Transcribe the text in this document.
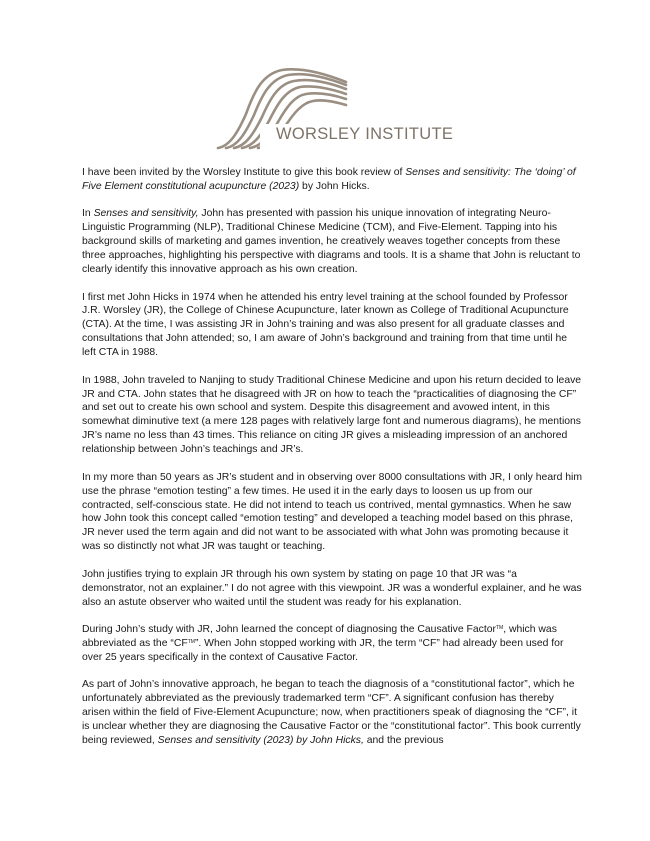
WORSLEY INSTITUTE

I have been invited by the Worsley Institute to give this book review of Senses and sensitivity: The ‘doing’ of Five Element constitutional acupuncture (2023) by John Hicks.

In Senses and sensitivity, John has presented with passion his unique innovation of integrating Neuro-Linguistic Programming (NLP), Traditional Chinese Medicine (TCM), and Five-Element. Tapping into his background skills of marketing and games invention, he creatively weaves together concepts from these three approaches, highlighting his perspective with diagrams and tools. It is a shame that John is reluctant to clearly identify this innovative approach as his own creation.

I first met John Hicks in 1974 when he attended his entry level training at the school founded by Professor J.R. Worsley (JR), the College of Chinese Acupuncture, later known as College of Traditional Acupuncture (CTA). At the time, I was assisting JR in John’s training and was also present for all graduate classes and consultations that John attended; so, I am aware of John’s background and training from that time until he left CTA in 1988.

In 1988, John traveled to Nanjing to study Traditional Chinese Medicine and upon his return decided to leave JR and CTA. John states that he disagreed with JR on how to teach the “practicalities of diagnosing the CF” and set out to create his own school and system. Despite this disagreement and avowed intent, in this somewhat diminutive text (a mere 128 pages with relatively large font and numerous diagrams), he mentions JR’s name no less than 43 times. This reliance on citing JR gives a misleading impression of an anchored relationship between John’s teachings and JR’s.

In my more than 50 years as JR’s student and in observing over 8000 consultations with JR, I only heard him use the phrase “emotion testing” a few times. He used it in the early days to loosen us up from our contracted, self-conscious state. He did not intend to teach us contrived, mental gymnastics. When he saw how John took this concept called “emotion testing” and developed a teaching model based on this phrase, JR never used the term again and did not want to be associated with what John was promoting because it was so distinctly not what JR was taught or teaching.

John justifies trying to explain JR through his own system by stating on page 10 that JR was “a demonstrator, not an explainer.” I do not agree with this viewpoint. JR was a wonderful explainer, and he was also an astute observer who waited until the student was ready for his explanation.

During John’s study with JR, John learned the concept of diagnosing the Causative Factor™, which was abbreviated as the “CF™”. When John stopped working with JR, the term “CF” had already been used for over 25 years specifically in the context of Causative Factor.

As part of John’s innovative approach, he began to teach the diagnosis of a “constitutional factor”, which he unfortunately abbreviated as the previously trademarked term “CF”. A significant confusion has thereby arisen within the field of Five-Element Acupuncture; now, when practitioners speak of diagnosing the “CF”, it is unclear whether they are diagnosing the Causative Factor or the “constitutional factor”. This book currently being reviewed, Senses and sensitivity (2023) by John Hicks, and the previous
